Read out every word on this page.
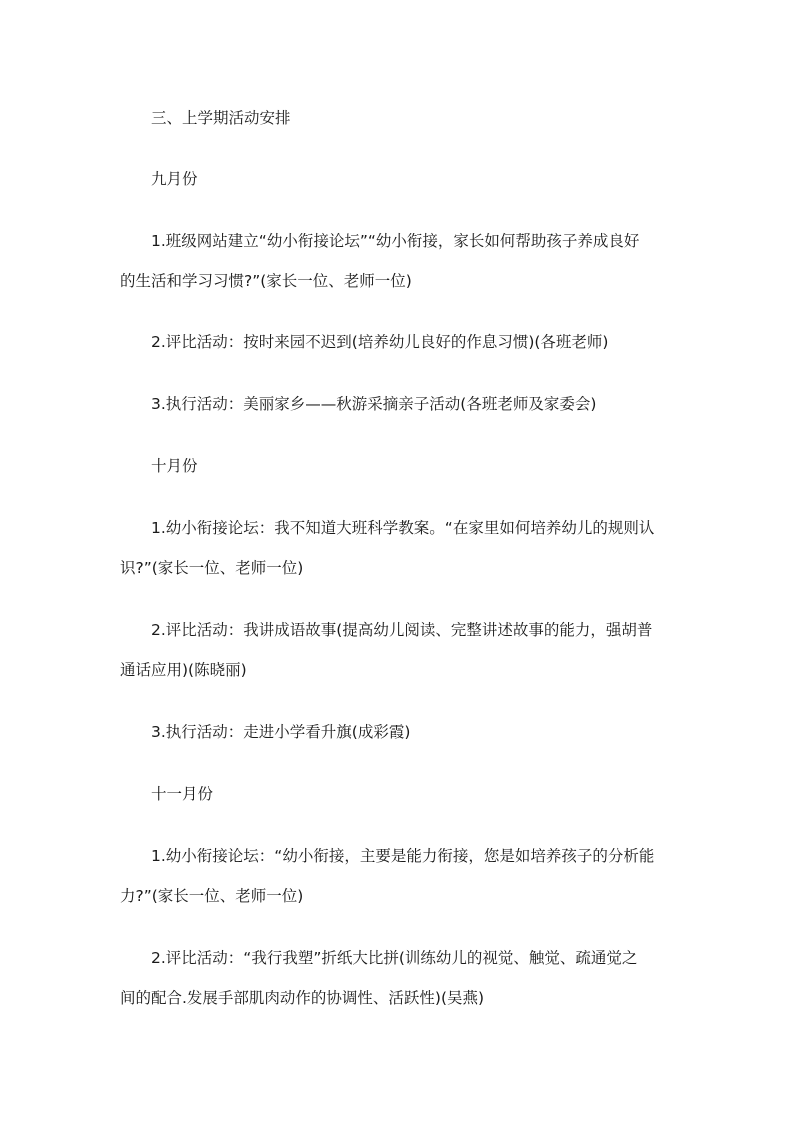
三、上学期活动安排
九月份
1.班级网站建立“幼小衔接论坛”“幼小衔接，家长如何帮助孩子养成良好
的生活和学习习惯?”(家长一位、老师一位)
2.评比活动：按时来园不迟到(培养幼儿良好的作息习惯)(各班老师)
3.执行活动：美丽家乡——秋游采摘亲子活动(各班老师及家委会)
十月份
1.幼小衔接论坛：我不知道大班科学教案。“在家里如何培养幼儿的规则认
识?”(家长一位、老师一位)
2.评比活动：我讲成语故事(提高幼儿阅读、完整讲述故事的能力，强胡普
通话应用)(陈晓丽)
3.执行活动：走进小学看升旗(成彩霞)
十一月份
1.幼小衔接论坛：“幼小衔接，主要是能力衔接，您是如培养孩子的分析能
力?”(家长一位、老师一位)
2.评比活动：“我行我塑”折纸大比拼(训练幼儿的视觉、触觉、疏通觉之
间的配合.发展手部肌肉动作的协调性、活跃性)(吴燕)
